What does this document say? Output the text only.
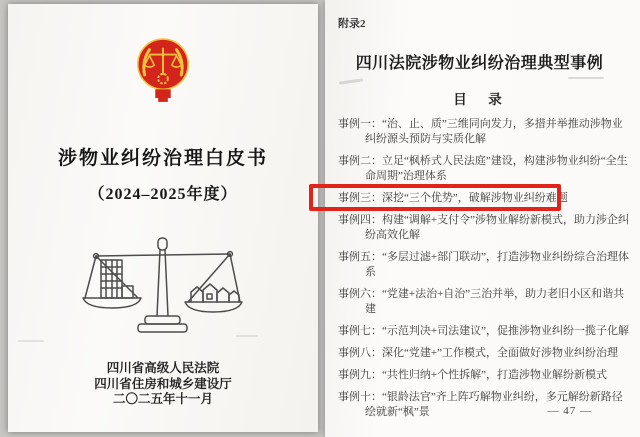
涉物业纠纷治理白皮书
（2024–2025年度）
四川省高级人民法院
四川省住房和城乡建设厅
二〇二五年十一月
附录2
四川法院涉物业纠纷治理典型事例
目　录
事例一：“治、止、质”三维同向发力，多措并举推动涉物业纠纷源头预防与实质化解
事例二：立足“枫桥式人民法庭”建设，构建涉物业纠纷“全生命周期”治理体系
事例三：深挖“三个优势”，破解涉物业纠纷难题
事例四：构建“调解+支付令”涉物业解纷新模式，助力涉企纠纷高效化解
事例五：“多层过滤+部门联动”，打造涉物业纠纷综合治理体系
事例六：“党建+法治+自治”三治并举，助力老旧小区和谐共建
事例七：“示范判决+司法建议”，促推涉物业纠纷一揽子化解
事例八：深化“党建+”工作模式，全面做好涉物业纠纷治理
事例九：“共性归纳+个性拆解”，打造涉物业解纷新模式
事例十：“银龄法官”齐上阵巧解物业纠纷，多元解纷新路径绘就新“枫”景	— 47 —
